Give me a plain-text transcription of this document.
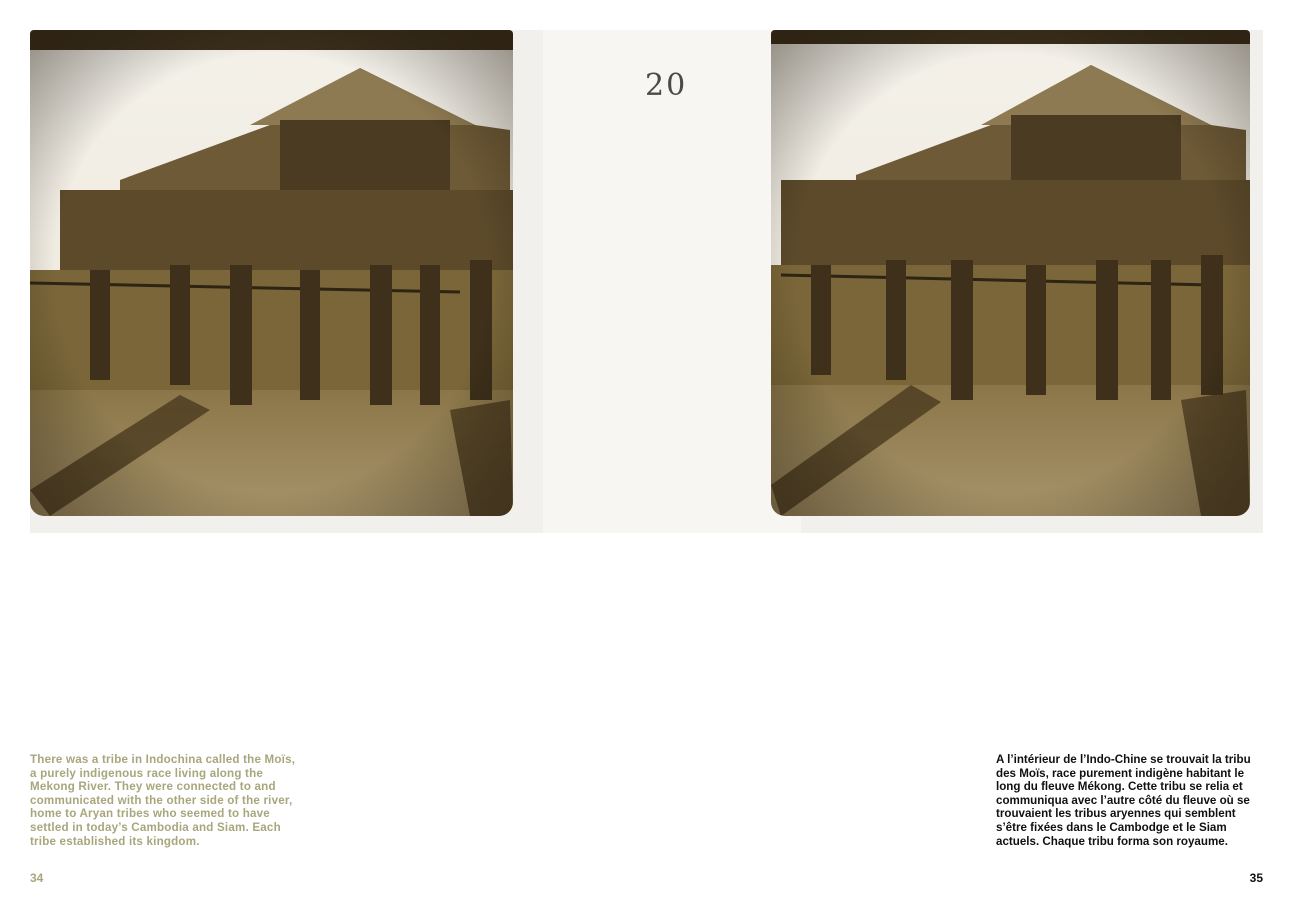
20
There was a tribe in Indochina called the Moïs, a purely indigenous race living along the Mekong River. They were connected to and communicated with the other side of the river, home to Aryan tribes who seemed to have settled in today’s Cambodia and Siam. Each tribe established its kingdom.
A l’intérieur de l’Indo-Chine se trouvait la tribu des Moïs, race purement indigène habitant le long du fleuve Mékong. Cette tribu se relia et communiqua avec l’autre côté du fleuve où se trouvaient les tribus aryennes qui semblent s’être fixées dans le Cambodge et le Siam actuels. Chaque tribu forma son royaume.
34	35
